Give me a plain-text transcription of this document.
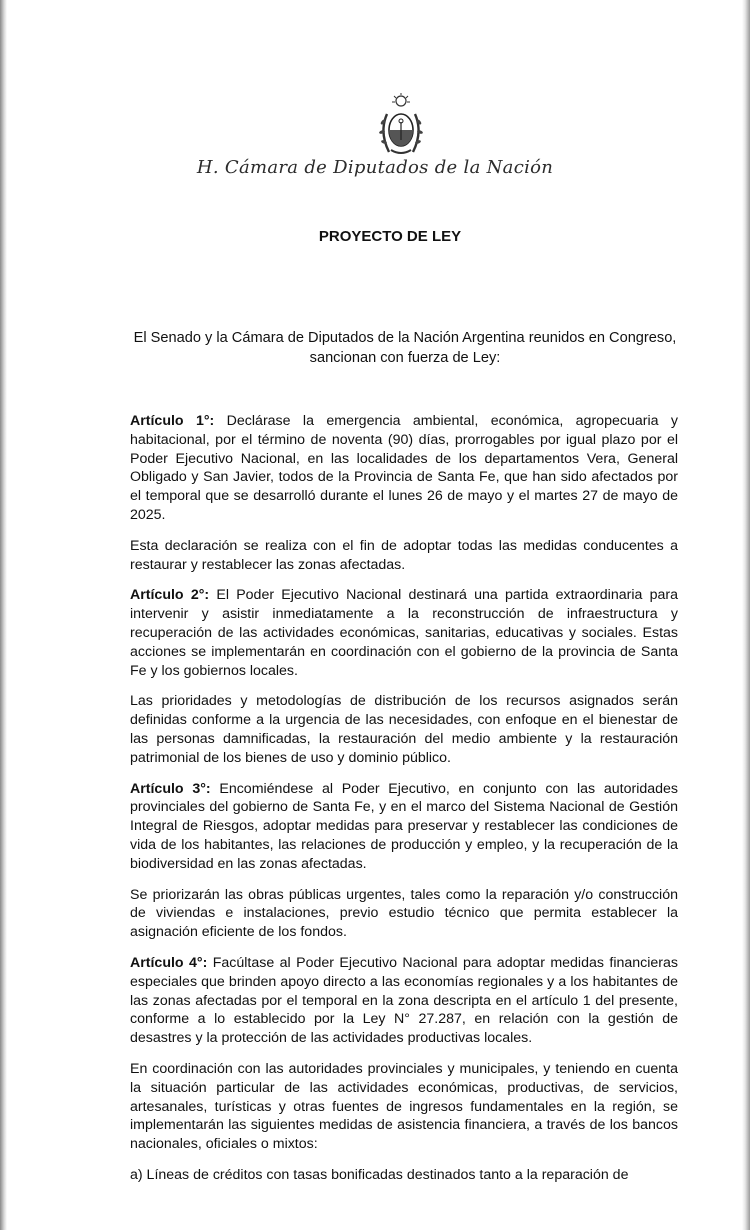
H. Cámara de Diputados de la Nación
PROYECTO DE LEY
El Senado y la Cámara de Diputados de la Nación Argentina reunidos en Congreso, sancionan con fuerza de Ley:

Artículo 1°: Declárase la emergencia ambiental, económica, agropecuaria y habitacional, por el término de noventa (90) días, prorrogables por igual plazo por el Poder Ejecutivo Nacional, en las localidades de los departamentos Vera, General Obligado y San Javier, todos de la Provincia de Santa Fe, que han sido afectados por el temporal que se desarrolló durante el lunes 26 de mayo y el martes 27 de mayo de 2025.

Esta declaración se realiza con el fin de adoptar todas las medidas conducentes a restaurar y restablecer las zonas afectadas.

Artículo 2°: El Poder Ejecutivo Nacional destinará una partida extraordinaria para intervenir y asistir inmediatamente a la reconstrucción de infraestructura y recuperación de las actividades económicas, sanitarias, educativas y sociales. Estas acciones se implementarán en coordinación con el gobierno de la provincia de Santa Fe y los gobiernos locales.

Las prioridades y metodologías de distribución de los recursos asignados serán definidas conforme a la urgencia de las necesidades, con enfoque en el bienestar de las personas damnificadas, la restauración del medio ambiente y la restauración patrimonial de los bienes de uso y dominio público.

Artículo 3°: Encomiéndese al Poder Ejecutivo, en conjunto con las autoridades provinciales del gobierno de Santa Fe, y en el marco del Sistema Nacional de Gestión Integral de Riesgos, adoptar medidas para preservar y restablecer las condiciones de vida de los habitantes, las relaciones de producción y empleo, y la recuperación de la biodiversidad en las zonas afectadas.

Se priorizarán las obras públicas urgentes, tales como la reparación y/o construcción de viviendas e instalaciones, previo estudio técnico que permita establecer la asignación eficiente de los fondos.

Artículo 4°: Facúltase al Poder Ejecutivo Nacional para adoptar medidas financieras especiales que brinden apoyo directo a las economías regionales y a los habitantes de las zonas afectadas por el temporal en la zona descripta en el artículo 1 del presente, conforme a lo establecido por la Ley N° 27.287, en relación con la gestión de desastres y la protección de las actividades productivas locales.

En coordinación con las autoridades provinciales y municipales, y teniendo en cuenta la situación particular de las actividades económicas, productivas, de servicios, artesanales, turísticas y otras fuentes de ingresos fundamentales en la región, se implementarán las siguientes medidas de asistencia financiera, a través de los bancos nacionales, oficiales o mixtos:

a) Líneas de créditos con tasas bonificadas destinados tanto a la reparación de
